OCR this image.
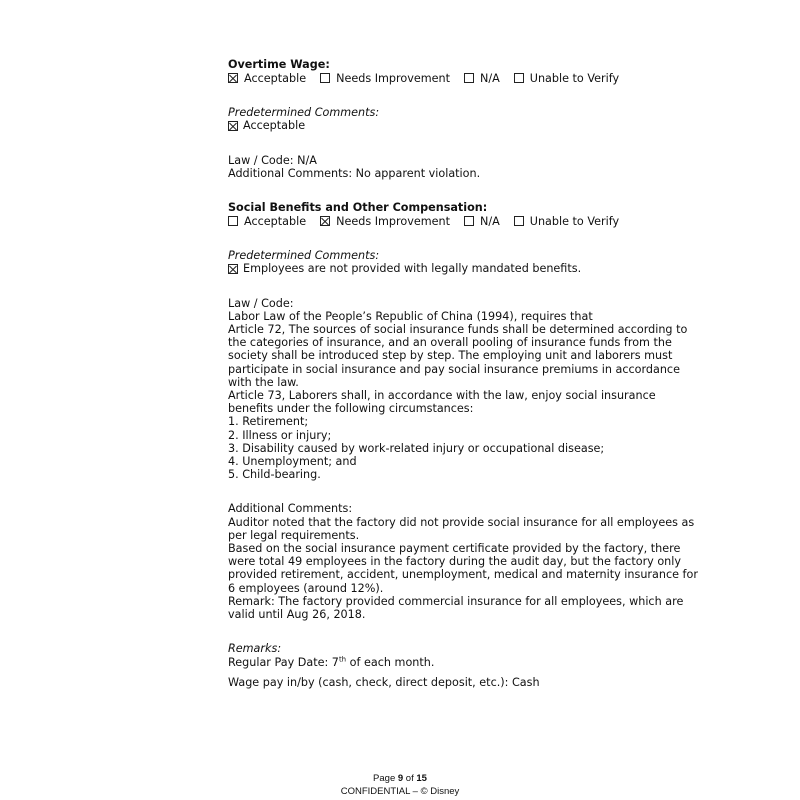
Overtime Wage:

Acceptable	Needs Improvement	N/A	Unable to Verify

Predetermined Comments:

Acceptable

Law / Code: N/A

Additional Comments: No apparent violation.

Social Benefits and Other Compensation:

Acceptable	Needs Improvement	N/A	Unable to Verify

Predetermined Comments:

Employees are not provided with legally mandated benefits.

Law / Code:

Labor Law of the People’s Republic of China (1994), requires that

Article 72, The sources of social insurance funds shall be determined according to

the categories of insurance, and an overall pooling of insurance funds from the

society shall be introduced step by step. The employing unit and laborers must

participate in social insurance and pay social insurance premiums in accordance

with the law.

Article 73, Laborers shall, in accordance with the law, enjoy social insurance

benefits under the following circumstances:

1. Retirement;

2. Illness or injury;

3. Disability caused by work-related injury or occupational disease;

4. Unemployment; and

5. Child-bearing.

Additional Comments:

Auditor noted that the factory did not provide social insurance for all employees as

per legal requirements.

Based on the social insurance payment certificate provided by the factory, there

were total 49 employees in the factory during the audit day, but the factory only

provided retirement, accident, unemployment, medical and maternity insurance for

6 employees (around 12%).

Remark: The factory provided commercial insurance for all employees, which are

valid until Aug 26, 2018.

Remarks:

Regular Pay Date: 7th of each month.

Wage pay in/by (cash, check, direct deposit, etc.): Cash

Page 9 of 15
CONFIDENTIAL – © Disney
